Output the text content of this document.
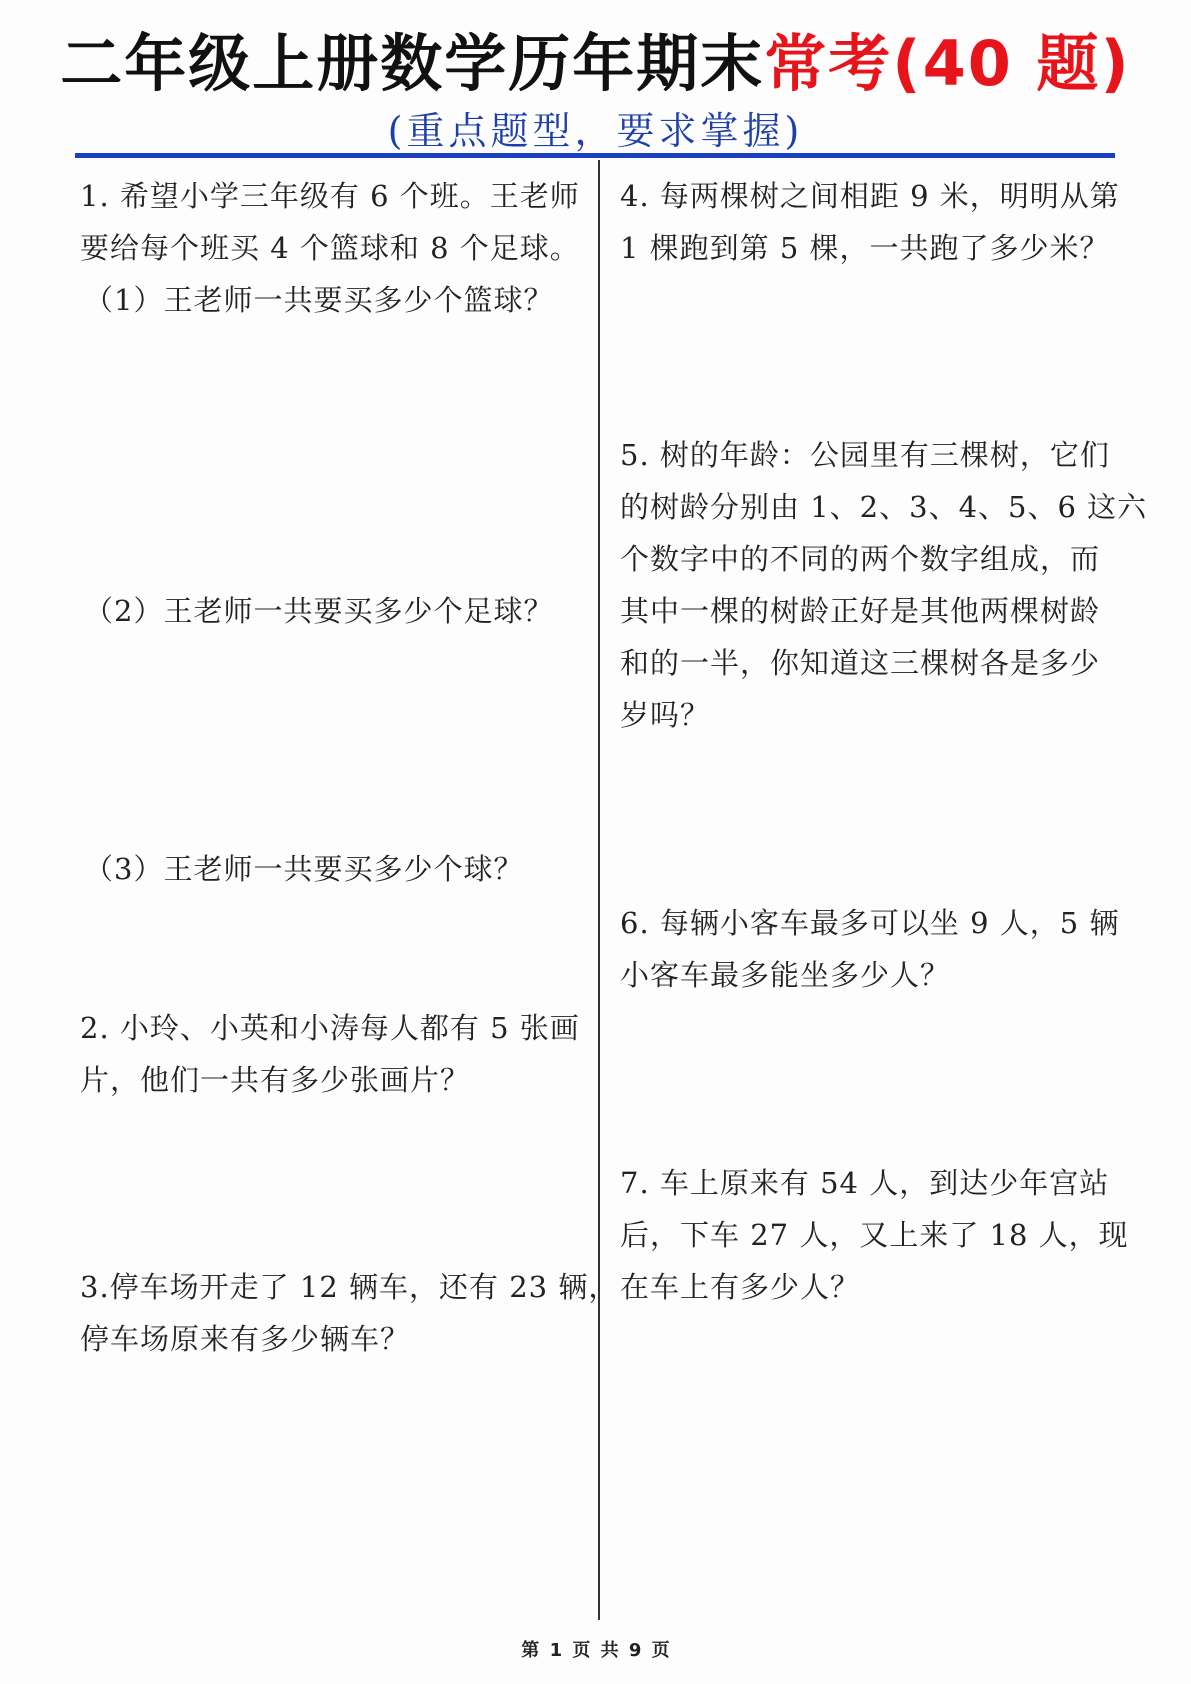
二年级上册数学历年期末常考(40 题)
(重点题型，要求掌握)
1. 希望小学三年级有 6 个班。王老师
要给每个班买 4 个篮球和 8 个足球。
（1）王老师一共要买多少个篮球？
（2）王老师一共要买多少个足球？
（3）王老师一共要买多少个球？
2. 小玲、小英和小涛每人都有 5 张画
片，他们一共有多少张画片？
3.停车场开走了 12 辆车，还有 23 辆，
停车场原来有多少辆车？
4. 每两棵树之间相距 9 米，明明从第
1 棵跑到第 5 棵，一共跑了多少米？
5. 树的年龄：公园里有三棵树，它们
的树龄分别由 1、2、3、4、5、6 这六
个数字中的不同的两个数字组成，而
其中一棵的树龄正好是其他两棵树龄
和的一半，你知道这三棵树各是多少
岁吗？
6. 每辆小客车最多可以坐 9 人，5 辆
小客车最多能坐多少人？
7. 车上原来有 54 人，到达少年宫站
后，下车 27 人，又上来了 18 人，现
在车上有多少人？
第 1 页 共 9 页
